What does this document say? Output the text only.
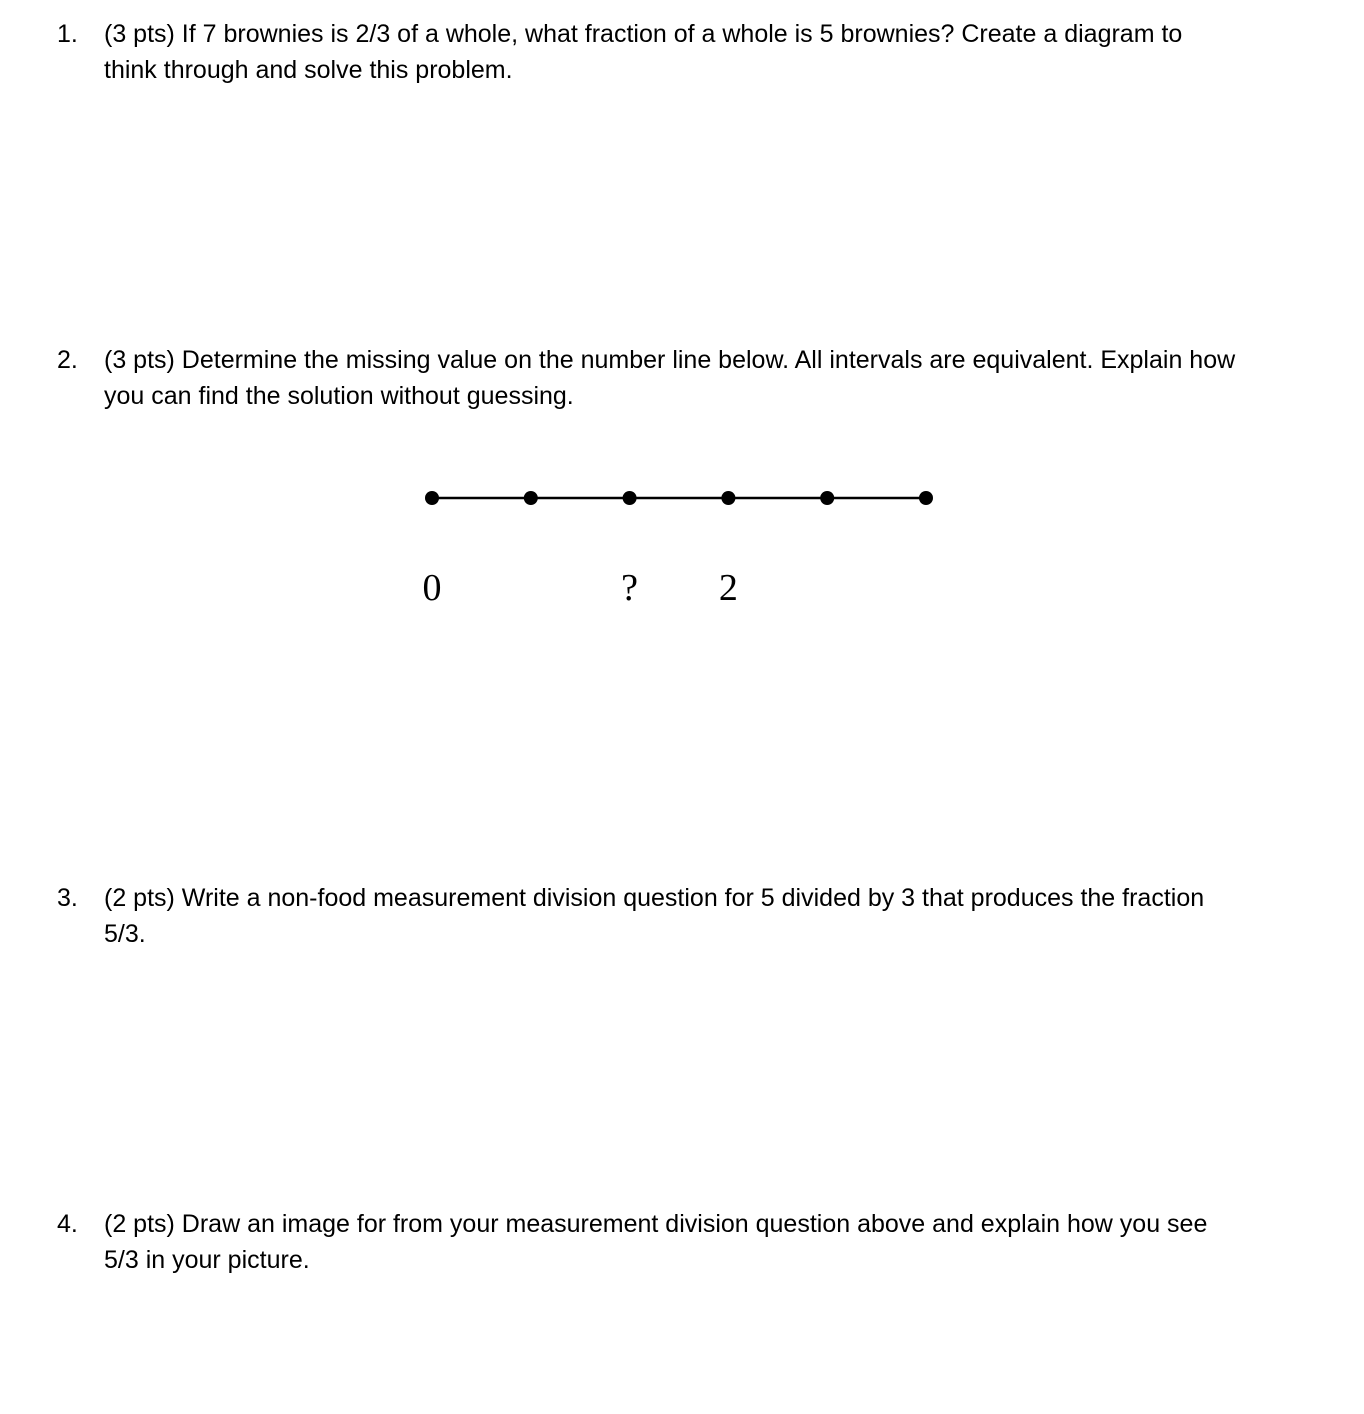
1. (3 pts) If 7 brownies is 2/3 of a whole, what fraction of a whole is 5 brownies? Create a diagram to
think through and solve this problem.
2. (3 pts) Determine the missing value on the number line below. All intervals are equivalent. Explain how
you can find the solution without guessing.
0	? 2
3. (2 pts) Write a non-food measurement division question for 5 divided by 3 that produces the fraction
5/3.
4. (2 pts) Draw an image for from your measurement division question above and explain how you see
5/3 in your picture.
